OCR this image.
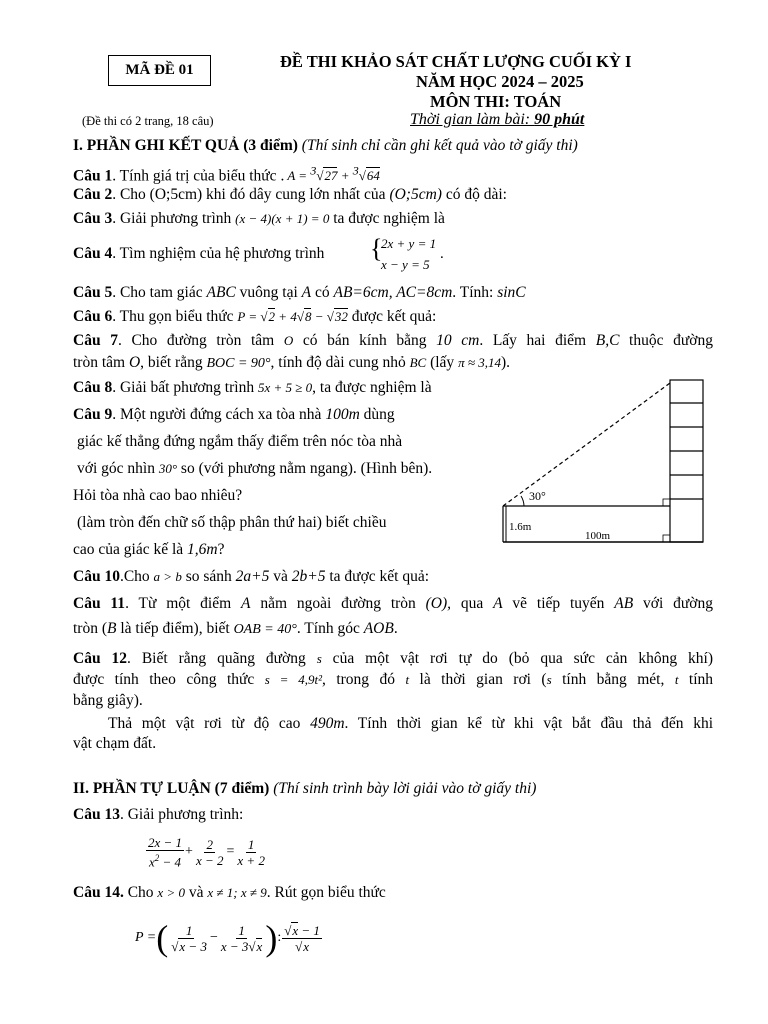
MÃ ĐỀ 01	ĐỀ THI KHẢO SÁT CHẤT LƯỢNG CUỐI KỲ I
NĂM HỌC 2024 – 2025
MÔN THI: TOÁN
(Đề thi có 2 trang, 18 câu)	Thời gian làm bài: 90 phút
I. PHẦN GHI KẾT QUẢ (3 điểm) (Thí sinh chỉ cần ghi kết quả vào tờ giấy thi)
Câu 1. Tính giá trị của biểu thức . A = $^3$√27 + $^3$√64
Câu 2. Cho (O;5cm) khi đó dây cung lớn nhất của (O;5cm) có độ dài:
Câu 3. Giải phương trình (x − 4)(x + 1) = 0 ta được nghiệm là
Câu 4. Tìm nghiệm của hệ phương trình {
2x + y = 1
x − y = 5
.
Câu 5. Cho tam giác ABC vuông tại A có AB=6cm, AC=8cm. Tính: sinC
Câu 6. Thu gọn biểu thức P = √2 + 4√8 − √32 được kết quả:
Câu 7. Cho đường tròn tâm O có bán kính bằng 10 cm. Lấy hai điểm B,C thuộc đường
tròn tâm O, biết rằng BOC = 90°, tính độ dài cung nhỏ BC (lấy π ≈ 3,14).
Câu 8. Giải bất phương trình 5x + 5 ≥ 0, ta được nghiệm là
Câu 9. Một người đứng cách xa tòa nhà 100m dùng
giác kế thẳng đứng ngắm thấy điểm trên nóc tòa nhà
với góc nhìn 30° so (với phương nằm ngang). (Hình bên).
Hỏi tòa nhà cao bao nhiêu?
(làm tròn đến chữ số thập phân thứ hai) biết chiều
cao của giác kế là 1,6m?
30°
1.6m
100m
Câu 10.Cho a > b so sánh 2a+5 và 2b+5 ta được kết quả:
Câu 11. Từ một điểm A nằm ngoài đường tròn (O), qua A vẽ tiếp tuyến AB với đường
tròn (B là tiếp điểm), biết OAB = 40°. Tính góc AOB.
Câu 12. Biết rằng quãng đường s của một vật rơi tự do (bỏ qua sức cản không khí)
được tính theo công thức s = 4,9t², trong đó t là thời gian rơi (s tính bằng mét, t tính
bằng giây).
Thả một vật rơi từ độ cao 490m. Tính thời gian kể từ khi vật bắt đầu thả đến khi
vật chạm đất.
II. PHẦN TỰ LUẬN (7 điểm) (Thí sinh trình bày lời giải vào tờ giấy thi)
Câu 13. Giải phương trình:
$\frac{2x - 1}{x^2 - 4} + \frac{2}{x - 2} = \frac{1}{x + 2}$
Câu 14. Cho x > 0 và x ≠ 1; x ≠ 9. Rút gọn biểu thức
P = ( $\frac{1}{√x - 3} - \frac{1}{x - 3√x}$ ) : $\frac{√x - 1}{√x}$
